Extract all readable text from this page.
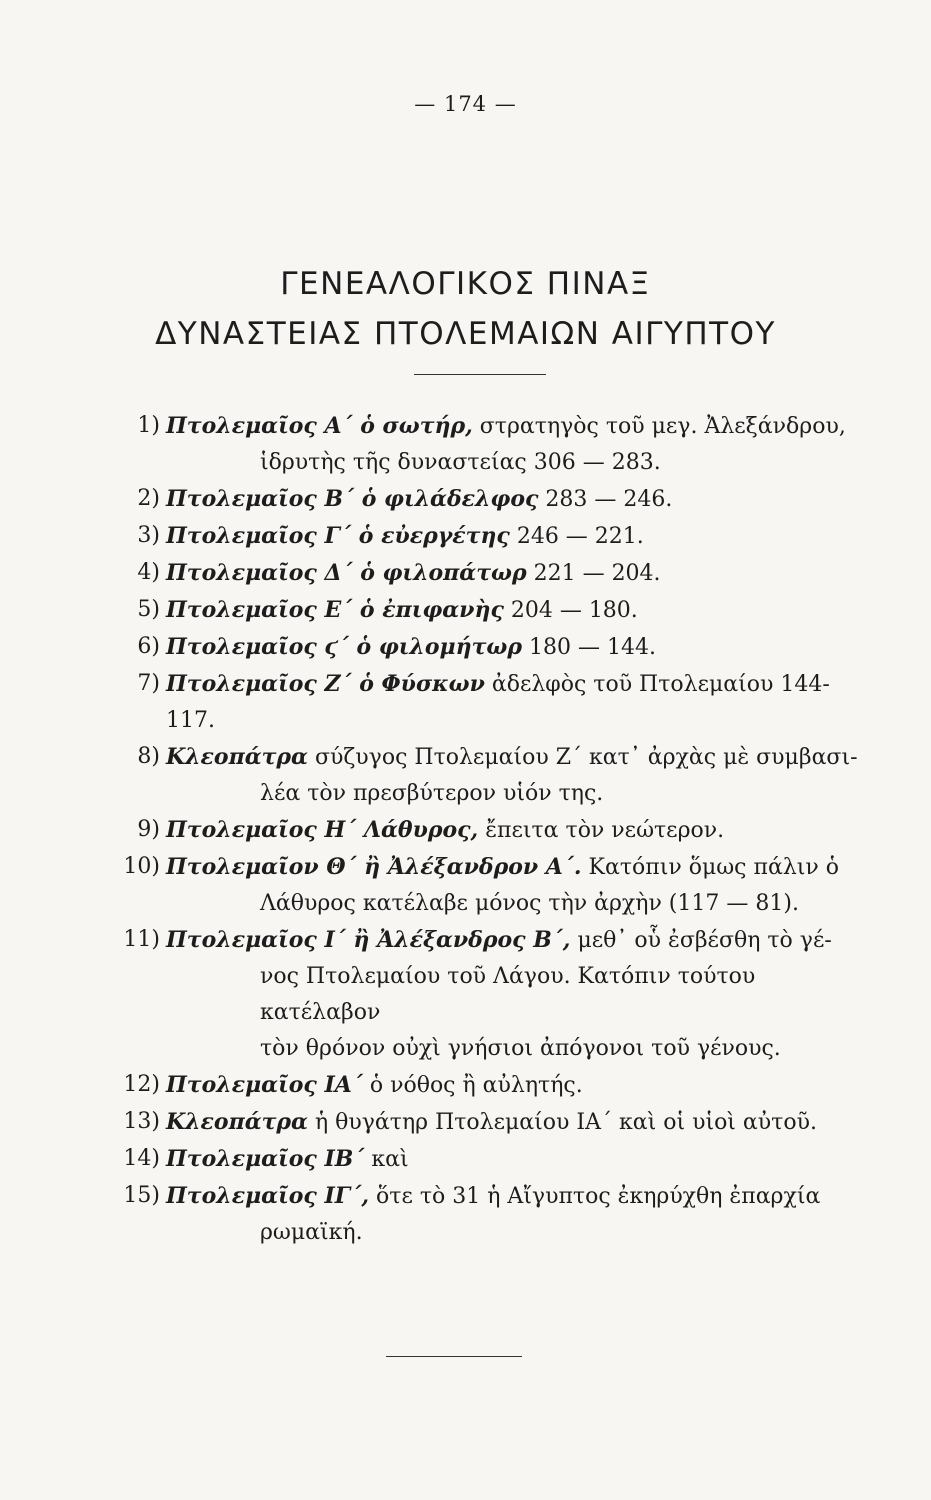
— 174 —
ΓΕΝΕΑΛΟΓΙΚΟΣ ΠΙΝΑΞ
ΔΥΝΑΣΤΕΙΑΣ ΠΤΟΛΕΜΑΙΩΝ ΑΙΓΥΠΤΟΥ
1) Πτολεμαῖος Α΄ ὁ σωτήρ, στρατηγὸς τοῦ μεγ. Ἀλεξάνδρου,
ἱδρυτὴς τῆς δυναστείας 306 — 283.
2) Πτολεμαῖος Β΄ ὁ φιλάδελφος 283 — 246.
3) Πτολεμαῖος Γ΄ ὁ εὐεργέτης 246 — 221.
4) Πτολεμαῖος Δ΄ ὁ φιλοπάτωρ 221 — 204.
5) Πτολεμαῖος Ε΄ ὁ ἐπιφανὴς 204 — 180.
6) Πτολεμαῖος ϛ΄ ὁ φιλομήτωρ 180 — 144.
7) Πτολεμαῖος Ζ΄ ὁ Φύσκων ἀδελφὸς τοῦ Πτολεμαίου 144-117.
8) Κλεοπάτρα σύζυγος Πτολεμαίου Ζ΄ κατ᾽ ἀρχὰς μὲ συμβασι-
λέα τὸν πρεσβύτερον υἱόν της.
9) Πτολεμαῖος Η΄ Λάθυρος, ἔπειτα τὸν νεώτερον.
10) Πτολεμαῖον Θ΄ ἢ Ἀλέξανδρον Α΄. Κατόπιν ὅμως πάλιν ὁ
Λάθυρος κατέλαβε μόνος τὴν ἀρχὴν (117 — 81).
11) Πτολεμαῖος Ι΄ ἢ Ἀλέξανδρος Β΄, μεθ᾽ οὗ ἐσβέσθη τὸ γέ-
νος Πτολεμαίου τοῦ Λάγου. Κατόπιν τούτου κατέλαβον
τὸν θρόνον οὐχὶ γνήσιοι ἀπόγονοι τοῦ γένους.
12) Πτολεμαῖος ΙΑ΄ ὁ νόθος ἢ αὐλητής.
13) Κλεοπάτρα ἡ θυγάτηρ Πτολεμαίου ΙΑ΄ καὶ οἱ υἱοὶ αὐτοῦ.
14) Πτολεμαῖος ΙΒ΄ καὶ
15) Πτολεμαῖος ΙΓ΄, ὅτε τὸ 31 ἡ Αἴγυπτος ἐκηρύχθη ἐπαρχία
ρωμαϊκή.
